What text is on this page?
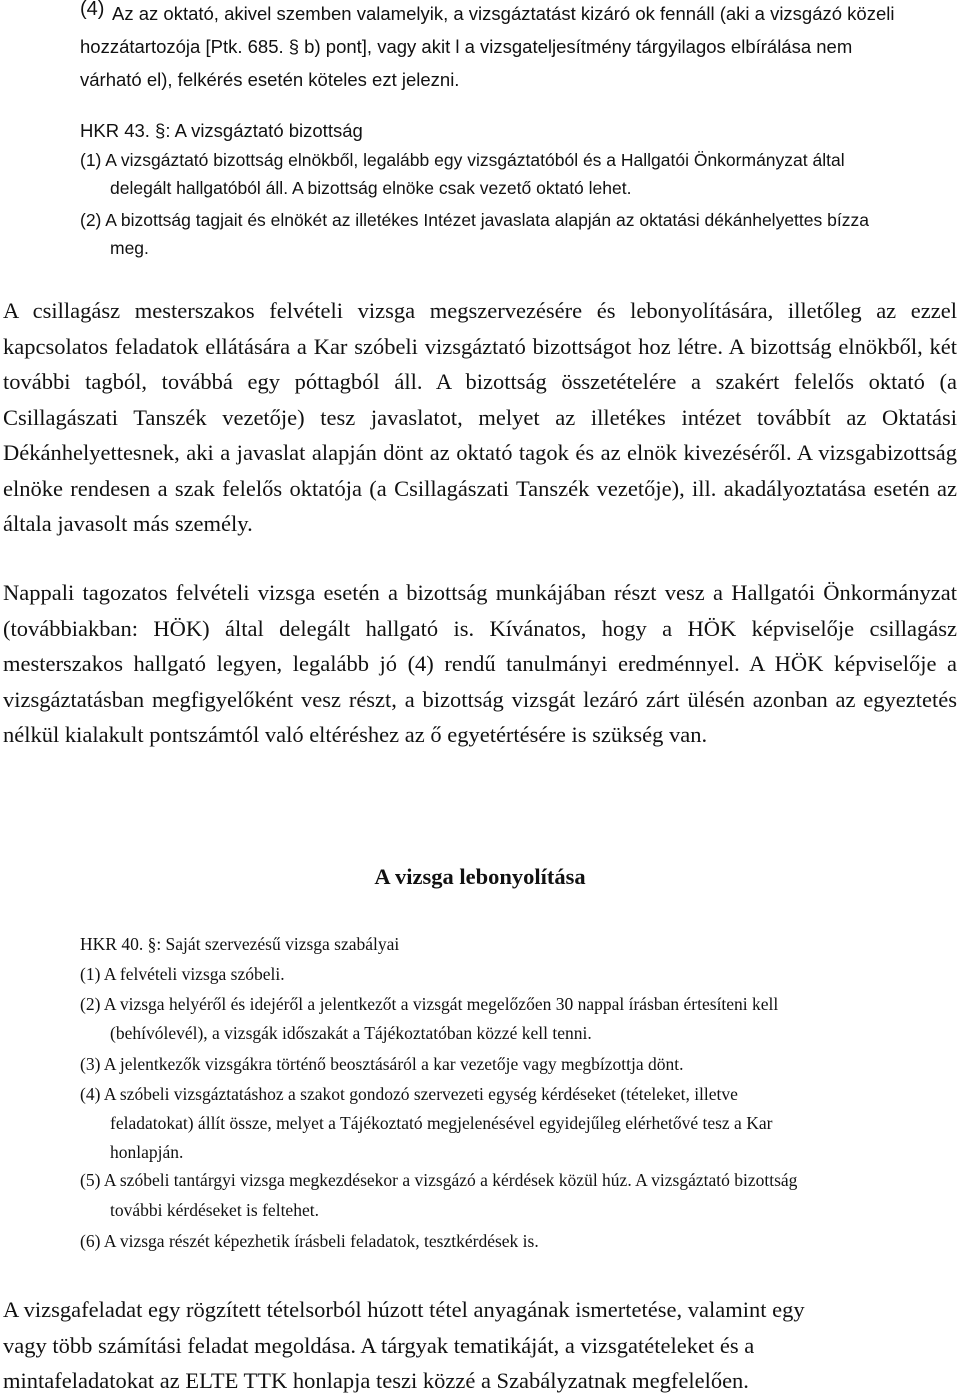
(4) Az az oktató, akivel szemben valamelyik, a vizsgáztatást kizáró ok fennáll (aki a vizsgázó közeli

hozzátartozója [Ptk. 685. § b) pont], vagy akit l a vizsgateljesítmény tárgyilagos elbírálása nem

várható el), felkérés esetén köteles ezt jelezni.

HKR 43. §: A vizsgáztató bizottság

(1) A vizsgáztató bizottság elnökből, legalább egy vizsgáztatóból és a Hallgatói Önkormányzat által

delegált hallgatóból áll. A bizottság elnöke csak vezető oktató lehet.

(2) A bizottság tagjait és elnökét az illetékes Intézet javaslata alapján az oktatási dékánhelyettes bízza

meg.

A csillagász mesterszakos felvételi vizsga megszervezésére és lebonyolítására, illetőleg az ezzel kapcsolatos feladatok ellátására a Kar szóbeli vizsgáztató bizottságot hoz létre. A bizottság elnökből, két további tagból, továbbá egy póttagból áll. A bizottság összetételére a szakért felelős oktató (a Csillagászati Tanszék vezetője) tesz javaslatot, melyet az illetékes intézet továbbít az Oktatási Dékánhelyettesnek, aki a javaslat alapján dönt az oktató tagok és az elnök kivezéséről. A vizsgabizottság elnöke rendesen a szak felelős oktatója (a Csillagászati Tanszék vezetője), ill. akadályoztatása esetén az általa javasolt más személy.

Nappali tagozatos felvételi vizsga esetén a bizottság munkájában részt vesz a Hallgatói Önkormányzat (továbbiakban: HÖK) által delegált hallgató is. Kívánatos, hogy a HÖK képviselője csillagász mesterszakos hallgató legyen, legalább jó (4) rendű tanulmányi eredménnyel. A HÖK képviselője a vizsgáztatásban megfigyelőként vesz részt, a bizottság vizsgát lezáró zárt ülésén azonban az egyeztetés nélkül kialakult pontszámtól való eltéréshez az ő egyetértésére is szükség van.

A vizsga lebonyolítása

HKR 40. §: Saját szervezésű vizsga szabályai

(1) A felvételi vizsga szóbeli.

(2) A vizsga helyéről és idejéről a jelentkezőt a vizsgát megelőzően 30 nappal írásban értesíteni kell

(behívólevél), a vizsgák időszakát a Tájékoztatóban közzé kell tenni.

(3) A jelentkezők vizsgákra történő beosztásáról a kar vezetője vagy megbízottja dönt.

(4) A szóbeli vizsgáztatáshoz a szakot gondozó szervezeti egység kérdéseket (tételeket, illetve

feladatokat) állít össze, melyet a Tájékoztató megjelenésével egyidejűleg elérhetővé tesz a Kar

honlapján.

(5) A szóbeli tantárgyi vizsga megkezdésekor a vizsgázó a kérdések közül húz. A vizsgáztató bizottság

további kérdéseket is feltehet.

(6) A vizsga részét képezhetik írásbeli feladatok, tesztkérdések is.

A vizsgafeladat egy rögzített tételsorból húzott tétel anyagának ismertetése, valamint egy
vagy több számítási feladat megoldása. A tárgyak tematikáját, a vizsgatételeket és a
mintafeladatokat az ELTE TTK honlapja teszi közzé a Szabályzatnak megfelelően.
